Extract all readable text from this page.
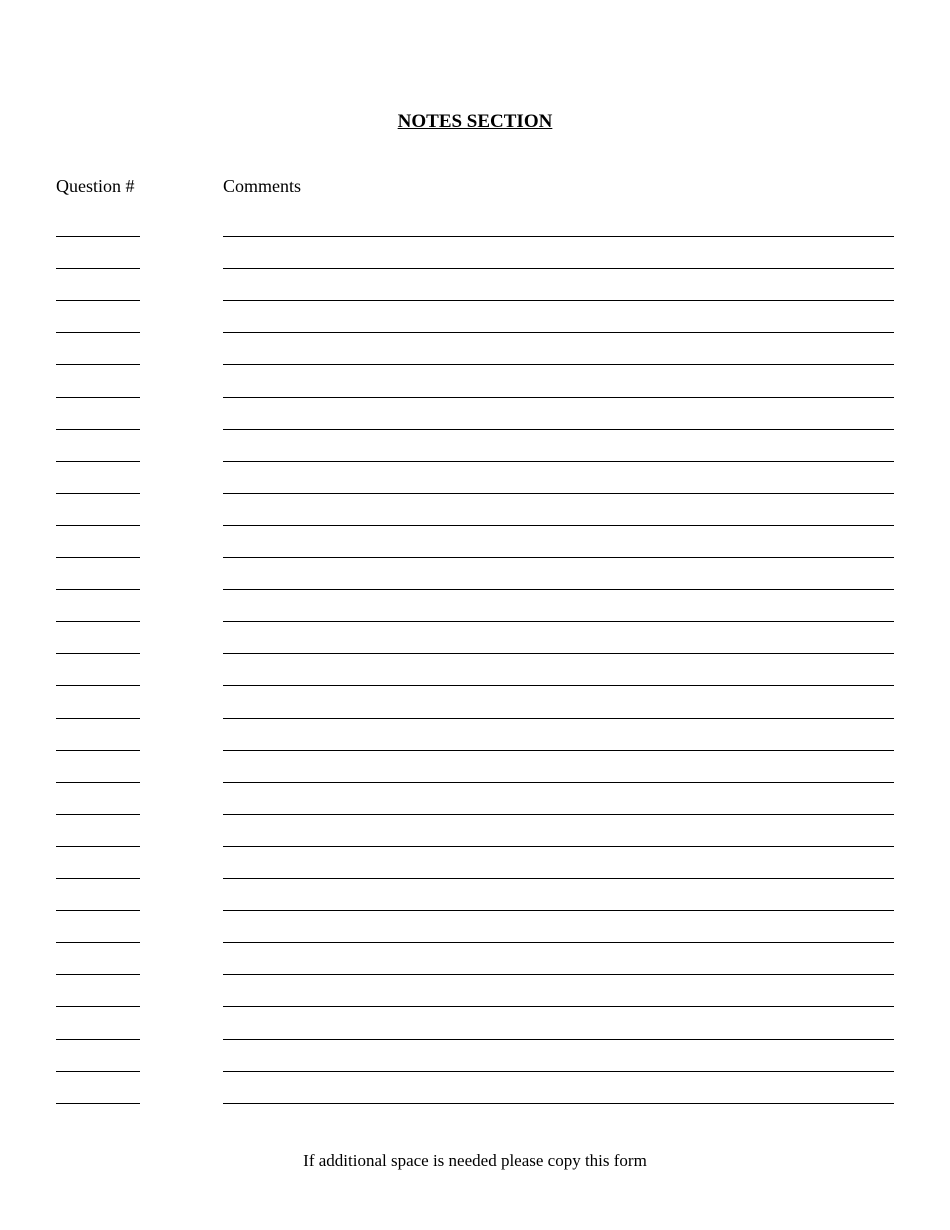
NOTES SECTION
Question #	Comments
If additional space is needed please copy this form
